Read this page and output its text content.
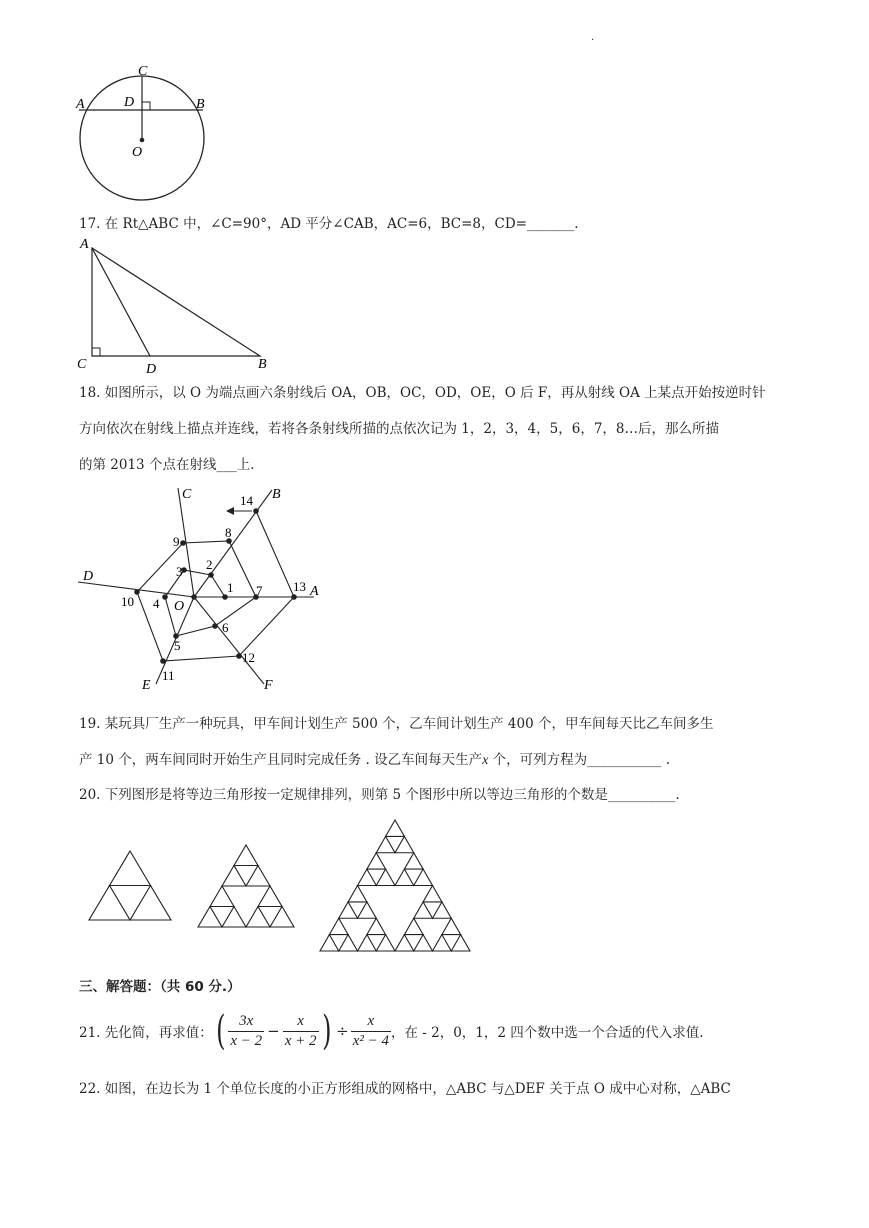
.
C
A	D	B
O
17. 在 Rt△ABC 中，∠C=90°，AD 平分∠CAB，AC=6，BC=8，CD=_______.
A
C	D	B
18. 如图所示，以 O 为端点画六条射线后 OA，OB，OC，OD，OE，O 后 F，再从射线 OA 上某点开始按逆时针
方向依次在射线上描点并连线，若将各条射线所描的点依次记为 1，2，3，4，5，6，7，8…后，那么所描
的第 2013 个点在射线___上.
1
2
3
4
5
6
7
8
9
10
11
12
13
14
A
B
C
D
E	F
O
19. 某玩具厂生产一种玩具，甲车间计划生产 500 个，乙车间计划生产 400 个，甲车间每天比乙车间多生
产 10 个，两车间同时开始生产且同时完成任务 . 设乙车间每天生产x 个，可列方程为___________ .
20. 下列图形是将等边三角形按一定规律排列，则第 5 个图形中所以等边三角形的个数是__________.
三、解答题：（共 60 分.）
21. 先化简，再求值： ( $\frac{3x}{x - 2} - \frac{x}{x + 2}$ ) ÷ $\frac{x}{\text{x² − 4}}$ ，在 - 2，0，1，2 四个数中选一个合适的代入求值.
22. 如图，在边长为 1 个单位长度的小正方形组成的网格中，△ABC 与△DEF 关于点 O 成中心对称，△ABC
